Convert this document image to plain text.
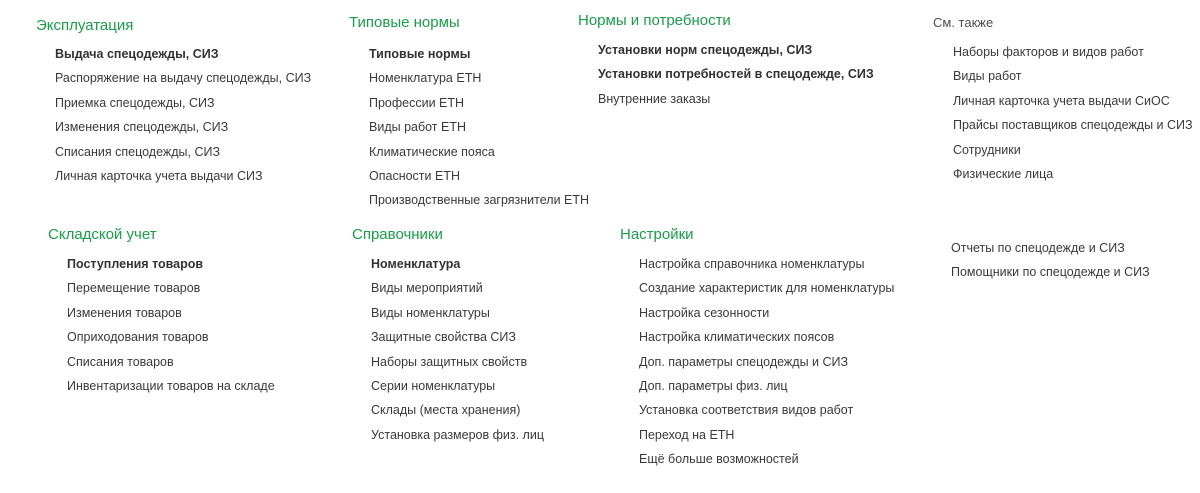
Эксплуатация
Выдача спецодежды, СИЗ
Распоряжение на выдачу спецодежды, СИЗ
Приемка спецодежды, СИЗ
Изменения спецодежды, СИЗ
Списания спецодежды, СИЗ
Личная карточка учета выдачи СИЗ
Типовые нормы
Типовые нормы
Номенклатура ЕТН
Профессии ЕТН
Виды работ ЕТН
Климатические пояса
Опасности ЕТН
Производственные загрязнители ЕТН
Нормы и потребности
Установки норм спецодежды, СИЗ
Установки потребностей в спецодежде, СИЗ
Внутренние заказы
См. также
Наборы факторов и видов работ
Виды работ
Личная карточка учета выдачи СиОС
Прайсы поставщиков спецодежды и СИЗ
Сотрудники
Физические лица
Складской учет
Поступления товаров
Перемещение товаров
Изменения товаров
Оприходования товаров
Списания товаров
Инвентаризации товаров на складе
Справочники
Номенклатура
Виды мероприятий
Виды номенклатуры
Защитные свойства СИЗ
Наборы защитных свойств
Серии номенклатуры
Склады (места хранения)
Установка размеров физ. лиц
Настройки
Настройка справочника номенклатуры
Создание характеристик для номенклатуры
Настройка сезонности
Настройка климатических поясов
Доп. параметры спецодежды и СИЗ
Доп. параметры физ. лиц
Установка соответствия видов работ
Переход на ЕТН
Ещё больше возможностей
Отчеты по спецодежде и СИЗ
Помощники по спецодежде и СИЗ
